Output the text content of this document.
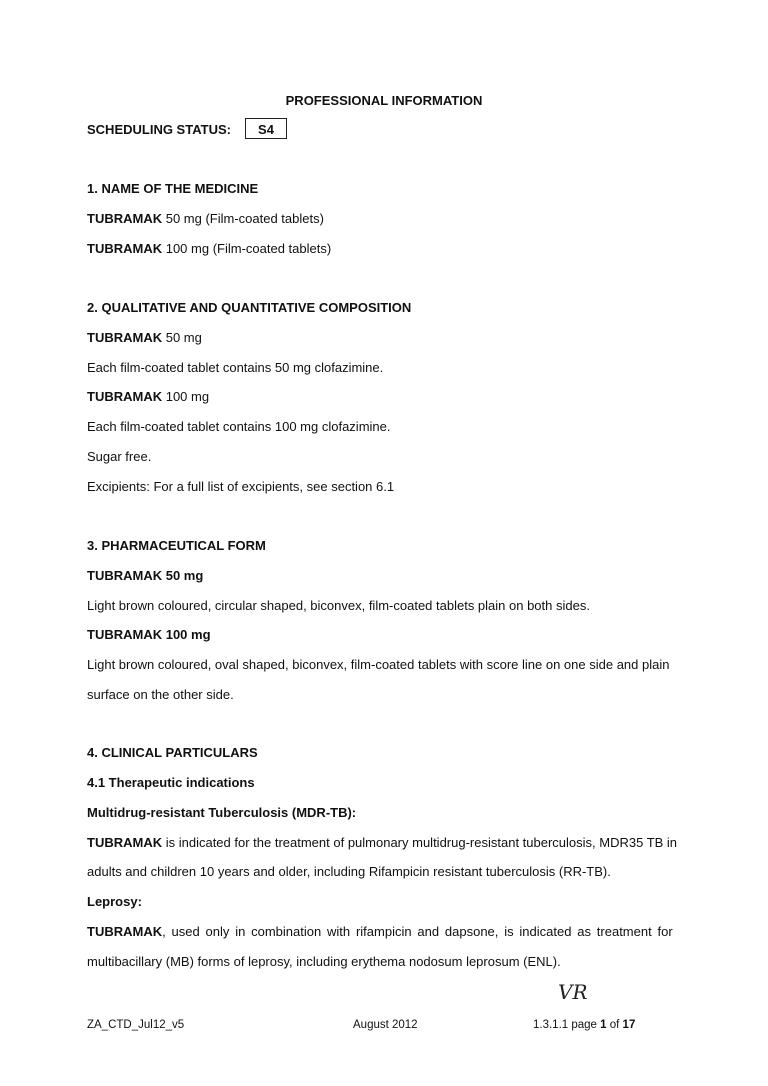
PROFESSIONAL INFORMATION
SCHEDULING STATUS:	S4
1. NAME OF THE MEDICINE
TUBRAMAK 50 mg (Film-coated tablets)
TUBRAMAK 100 mg (Film-coated tablets)
2. QUALITATIVE AND QUANTITATIVE COMPOSITION
TUBRAMAK 50 mg
Each film-coated tablet contains 50 mg clofazimine.
TUBRAMAK 100 mg
Each film-coated tablet contains 100 mg clofazimine.
Sugar free.
Excipients: For a full list of excipients, see section 6.1
3. PHARMACEUTICAL FORM
TUBRAMAK 50 mg
Light brown coloured, circular shaped, biconvex, film-coated tablets plain on both sides.
TUBRAMAK 100 mg
Light brown coloured, oval shaped, biconvex, film-coated tablets with score line on one side and plain
surface on the other side.
4. CLINICAL PARTICULARS
4.1 Therapeutic indications
Multidrug-resistant Tuberculosis (MDR-TB):
TUBRAMAK is indicated for the treatment of pulmonary multidrug-resistant tuberculosis, MDR35 TB in
adults and children 10 years and older, including Rifampicin resistant tuberculosis (RR-TB).
Leprosy:
TUBRAMAK, used only in combination with rifampicin and dapsone, is indicated as treatment for
multibacillary (MB) forms of leprosy, including erythema nodosum leprosum (ENL).
VR
ZA_CTD_Jul12_v5	August 2012	1.3.1.1 page 1 of 17
